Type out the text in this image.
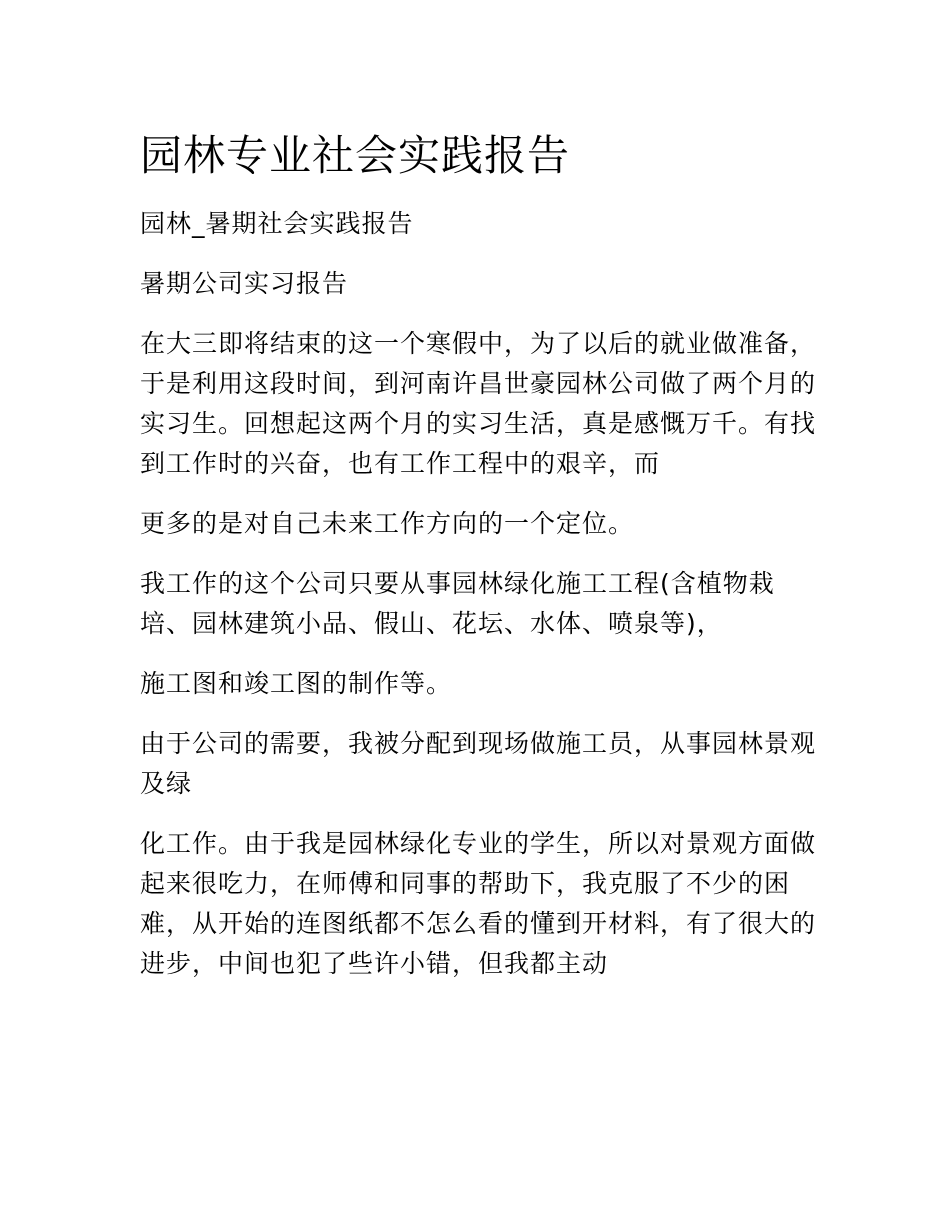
园林专业社会实践报告

园林_暑期社会实践报告

暑期公司实习报告

在大三即将结束的这一个寒假中，为了以后的就业做准备，于是利用这段时间，到河南许昌世豪园林公司做了两个月的实习生。回想起这两个月的实习生活，真是感慨万千。有找到工作时的兴奋，也有工作工程中的艰辛，而

更多的是对自己未来工作方向的一个定位。

我工作的这个公司只要从事园林绿化施工工程(含植物栽培、园林建筑小品、假山、花坛、水体、喷泉等)，

施工图和竣工图的制作等。

由于公司的需要，我被分配到现场做施工员，从事园林景观及绿

化工作。由于我是园林绿化专业的学生，所以对景观方面做起来很吃力，在师傅和同事的帮助下，我克服了不少的困难，从开始的连图纸都不怎么看的懂到开材料，有了很大的进步，中间也犯了些许小错，但我都主动
